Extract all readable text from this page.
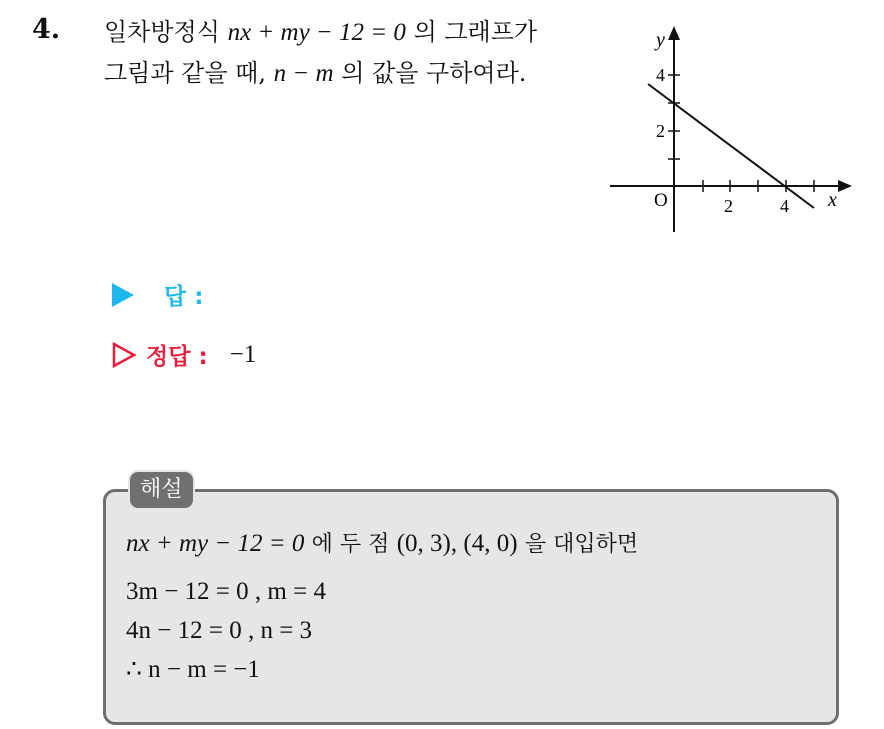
4. 일차방정식 nx + my − 12 = 0 의 그래프가
그림과 같을 때, n − m 의 값을 구하여라.
y
x
O	2	4
2
4
답 :
정답 : −1
해설
nx + my − 12 = 0 에 두 점 (0, 3), (4, 0) 을 대입하면
3m − 12 = 0 , m = 4
4n − 12 = 0 , n = 3
∴ n − m = −1
